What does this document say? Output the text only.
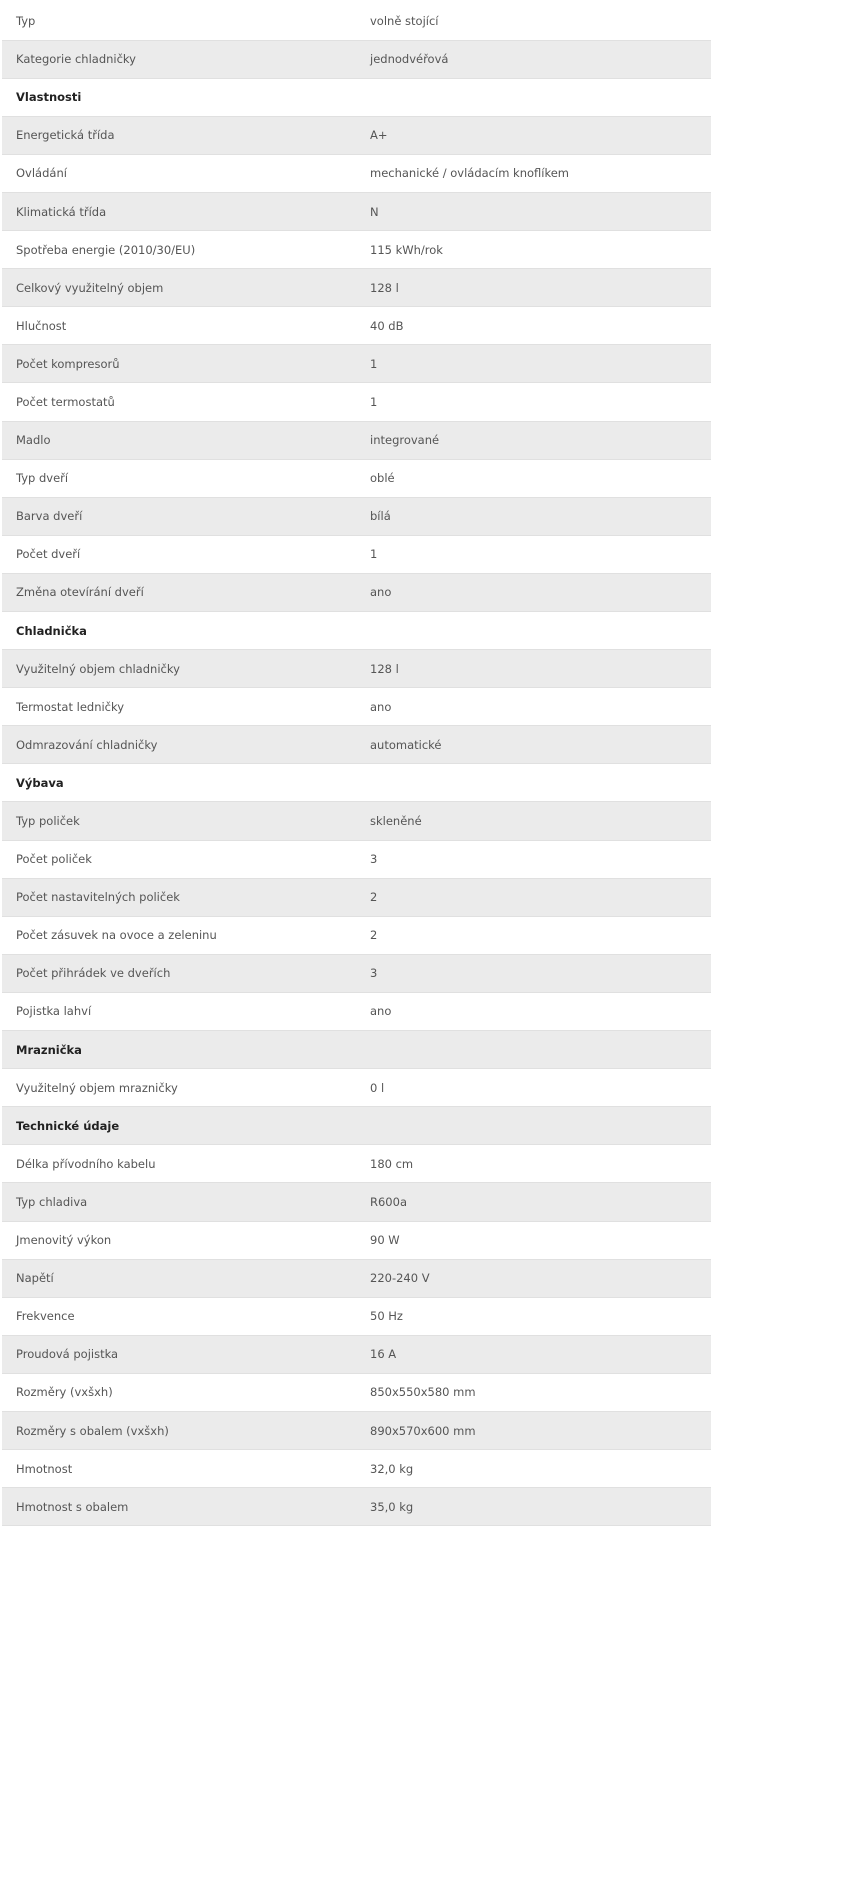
Typ	volně stojící
Kategorie chladničky	jednodvéřová
Vlastnosti	
Energetická třída	A+
Ovládání	mechanické / ovládacím knoflíkem
Klimatická třída	N
Spotřeba energie (2010/30/EU)	115 kWh/rok
Celkový využitelný objem	128 l
Hlučnost	40 dB
Počet kompresorů	1
Počet termostatů	1
Madlo	integrované
Typ dveří	oblé
Barva dveří	bílá
Počet dveří	1
Změna otevírání dveří	ano
Chladnička	
Využitelný objem chladničky	128 l
Termostat ledničky	ano
Odmrazování chladničky	automatické
Výbava	
Typ poliček	skleněné
Počet poliček	3
Počet nastavitelných poliček	2
Počet zásuvek na ovoce a zeleninu	2
Počet přihrádek ve dveřích	3
Pojistka lahví	ano
Mraznička	
Využitelný objem mrazničky	0 l
Technické údaje	
Délka přívodního kabelu	180 cm
Typ chladiva	R600a
Jmenovitý výkon	90 W
Napětí	220-240 V
Frekvence	50 Hz
Proudová pojistka	16 A
Rozměry (vxšxh)	850x550x580 mm
Rozměry s obalem (vxšxh)	890x570x600 mm
Hmotnost	32,0 kg
Hmotnost s obalem	35,0 kg
